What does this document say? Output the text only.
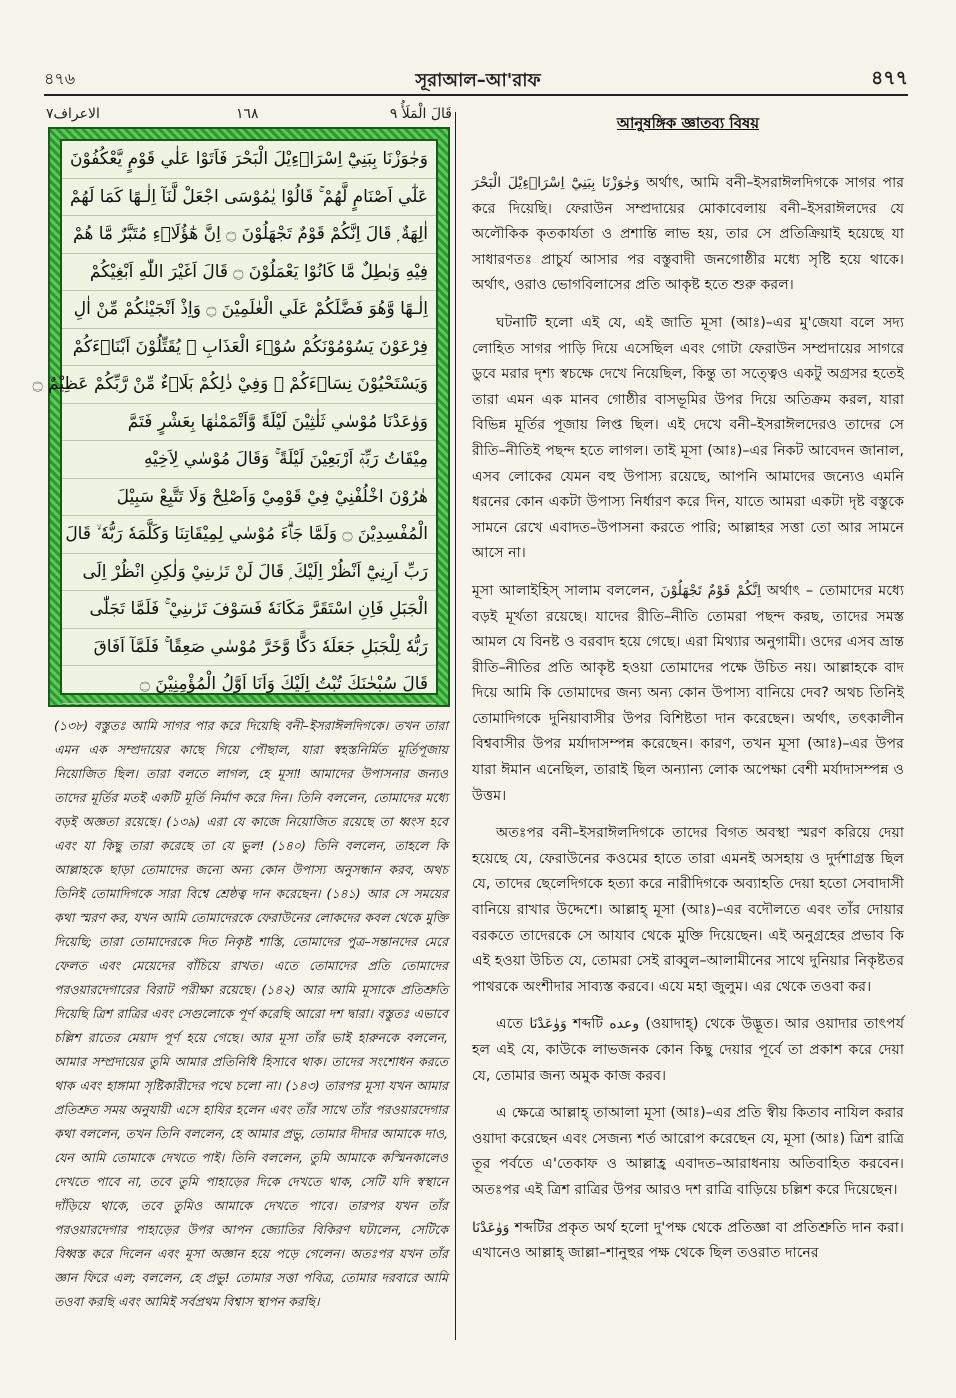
৪৭৬	সূরাআল–আ'রাফ	৪৭৭
الاعراف٧	١٦٨	قَالَ الْمَلَأُ ٩
وَجٰوَزْنَا بِبَنِيْٓ اِسْرَاۗءِيْلَ الْبَحْرَ فَاَتَوْا عَلٰي قَوْمٍ يَّعْكُفُوْنَ
عَلٰٓي اَصْنَامٍ لَّهُمْ ۚ قَالُوْا يٰمُوْسَى اجْعَلْ لَّنَآ اِلٰـهًا كَمَا لَهُمْ
اٰلِهَةٌ ۭ قَالَ اِنَّكُمْ قَوْمٌ تَجْهَلُوْنَ ۝ اِنَّ هٰٓؤُلَاۗءِ مُتَبَّرٌ مَّا هُمْ
فِيْهِ وَبٰطِلٌ مَّا كَانُوْا يَعْمَلُوْنَ ۝ قَالَ اَغَيْرَ اللّٰهِ اَبْغِيْكُمْ
اِلٰـهًا وَّهُوَ فَضَّلَكُمْ عَلَي الْعٰلَمِيْنَ ۝ وَاِذْ اَنْجَيْنٰكُمْ مِّنْ اٰلِ
فِرْعَوْنَ يَسُوْمُوْنَكُمْ سُوْۗءَ الْعَذَابِ ۚ يُقَتِّلُوْنَ اَبْنَاۗءَكُمْ
وَيَسْتَحْيُوْنَ نِسَاۗءَكُمْ ۭ وَفِيْ ذٰلِكُمْ بَلَاۗءٌ مِّنْ رَّبِّكُمْ عَظِيْمٌ ۝
وَوٰعَدْنَا مُوْسٰي ثَلٰثِيْنَ لَيْلَةً وَّاَتْمَمْنٰهَا بِعَشْرٍ فَتَمَّ
مِيْقَاتُ رَبِّهٖٓ اَرْبَعِيْنَ لَيْلَةً ۚ وَقَالَ مُوْسٰي لِاَخِيْهِ
هٰرُوْنَ اخْلُفْنِيْ فِيْ قَوْمِيْ وَاَصْلِحْ وَلَا تَتَّبِعْ سَبِيْلَ
الْمُفْسِدِيْنَ ۝ وَلَمَّا جَاۗءَ مُوْسٰي لِمِيْقَاتِنَا وَكَلَّمَهٗ رَبُّهٗ ۙ قَالَ
رَبِّ اَرِنِيْٓ اَنْظُرْ اِلَيْكَ ۭ قَالَ لَنْ تَرٰىنِيْ وَلٰكِنِ انْظُرْ اِلَى
الْجَبَلِ فَاِنِ اسْتَقَرَّ مَكَانَهٗ فَسَوْفَ تَرٰىنِيْ ۚ فَلَمَّا تَجَلّٰى
رَبُّهٗ لِلْجَبَلِ جَعَلَهٗ دَكًّا وَّخَرَّ مُوْسٰي صَعِقًا ۚ فَلَمَّآ اَفَاقَ
قَالَ سُبْحٰنَكَ تُبْتُ اِلَيْكَ وَاَنَا اَوَّلُ الْمُؤْمِنِيْنَ ۝

(১৩৮) বস্তুতঃ আমি সাগর পার করে দিয়েছি বনী–ইসরাঈলদিগকে। তখন তারা এমন এক সম্প্রদায়ের কাছে গিয়ে পৌছাল, যারা স্বহস্তনির্মিত মূর্তিপূজায় নিয়োজিত ছিল। তারা বলতে লাগল, হে মূসা! আমাদের উপাসনার জন্যও তাদের মূর্তির মতই একটি মূর্তি নির্মাণ করে দিন। তিনি বললেন, তোমাদের মধ্যে বড়ই অজ্ঞতা রয়েছে। (১৩৯) এরা যে কাজে নিয়োজিত রয়েছে তা ধ্বংস হবে এবং যা কিছু তারা করেছে তা যে ভুল! (১৪০) তিনি বললেন, তাহলে কি আল্লাহকে ছাড়া তোমাদের জন্যে অন্য কোন উপাস্য অনুসন্ধান করব, অথচ তিনিই তোমাদিগকে সারা বিশ্বে শ্রেষ্ঠত্ব দান করেছেন। (১৪১) আর সে সময়ের কথা স্মরণ কর, যখন আমি তোমাদেরকে ফেরাউনের লোকদের কবল থেকে মুক্তি দিয়েছি; তারা তোমাদেরকে দিত নিকৃষ্ট শাস্তি, তোমাদের পুত্র–সন্তানদের মেরে ফেলত এবং মেয়েদের বাঁচিয়ে রাখত। এতে তোমাদের প্রতি তোমাদের পরওয়ারদেগারের বিরাট পরীক্ষা রয়েছে। (১৪২) আর আমি মূসাকে প্রতিশ্রুতি দিয়েছি ত্রিশ রাত্রির এবং সেগুলোকে পূর্ণ করেছি আরো দশ দ্বারা। বস্তুতঃ এভাবে চল্লিশ রাতের মেয়াদ পূর্ণ হয়ে গেছে। আর মূসা তাঁর ভাই হারুনকে বললেন, আমার সম্প্রদায়ের তুমি আমার প্রতিনিধি হিসাবে থাক। তাদের সংশোধন করতে থাক এবং হাঙ্গামা সৃষ্টিকারীদের পথে চলো না। (১৪৩) তারপর মূসা যখন আমার প্রতিশ্রুত সময় অনুযায়ী এসে হাযির হলেন এবং তাঁর সাথে তাঁর পরওয়ারদেগার কথা বললেন, তখন তিনি বললেন, হে আমার প্রভু, তোমার দীদার আমাকে দাও, যেন আমি তোমাকে দেখতে পাই। তিনি বললেন, তুমি আমাকে কস্মিনকালেও দেখতে পাবে না, তবে তুমি পাহাড়ের দিকে দেখতে থাক, সেটি যদি স্বস্থানে দাঁড়িয়ে থাকে, তবে তুমিও আমাকে দেখতে পাবে। তারপর যখন তাঁর পরওয়ারদেগার পাহাড়ের উপর আপন জ্যোতির বিকিরণ ঘটালেন, সেটিকে বিধ্বস্ত করে দিলেন এবং মূসা অজ্ঞান হয়ে পড়ে গেলেন। অতঃপর যখন তাঁর জ্ঞান ফিরে এল; বললেন, হে প্রভু! তোমার সত্তা পবিত্র, তোমার দরবারে আমি তওবা করছি এবং আমিই সর্বপ্রথম বিশ্বাস স্থাপন করছি।

আনুষঙ্গিক জ্ঞাতব্য বিষয়

وَجٰوَزْنَا بِبَنِيْٓ اِسْرَاۗءِيْلَ الْبَحْرَ অর্থাৎ, আমি বনী–ইসরাঈলদিগকে সাগর পার করে দিয়েছি। ফেরাউন সম্প্রদায়ের মোকাবেলায় বনী–ইসরাঈলদের যে অলৌকিক কৃতকার্যতা ও প্রশান্তি লাভ হয়, তার সে প্রতিক্রিয়াই হয়েছে যা সাধারণতঃ প্রাচুর্য আসার পর বস্তুবাদী জনগোষ্ঠীর মধ্যে সৃষ্টি হয়ে থাকে। অর্থাৎ, ওরাও ভোগবিলাসের প্রতি আকৃষ্ট হতে শুরু করল।

ঘটনাটি হলো এই যে, এই জাতি মূসা (আঃ)–এর মু'জেযা বলে সদ্য লোহিত সাগর পাড়ি দিয়ে এসেছিল এবং গোটা ফেরাউন সম্প্রদায়ের সাগরে ডুবে মরার দৃশ্য স্বচক্ষে দেখে নিয়েছিল, কিন্তু তা সত্ত্বেও একটু অগ্রসর হতেই তারা এমন এক মানব গোষ্ঠীর বাসভূমির উপর দিয়ে অতিক্রম করল, যারা বিভিন্ন মূর্তির পূজায় লিপ্ত ছিল। এই দেখে বনী–ইসরাঈলদেরও তাদের সে রীতি–নীতিই পছন্দ হতে লাগল। তাই মূসা (আঃ)–এর নিকট আবেদন জানাল, এসব লোকের যেমন বহু উপাস্য রয়েছে, আপনি আমাদের জন্যেও এমনি ধরনের কোন একটা উপাস্য নির্ধারণ করে দিন, যাতে আমরা একটা দৃষ্ট বস্তুকে সামনে রেখে এবাদত–উপাসনা করতে পারি; আল্লাহর সত্তা তো আর সামনে আসে না।

মূসা আলাইহিস্ সালাম বললেন, اِنَّكُمْ قَوْمٌ تَجْهَلُوْنَ অর্থাৎ – তোমাদের মধ্যে বড়ই মূর্খতা রয়েছে। যাদের রীতি–নীতি তোমরা পছন্দ করছ, তাদের সমস্ত আমল যে বিনষ্ট ও বরবাদ হয়ে গেছে। এরা মিথ্যার অনুগামী। ওদের এসব ভ্রান্ত রীতি–নীতির প্রতি আকৃষ্ট হওয়া তোমাদের পক্ষে উচিত নয়। আল্লাহকে বাদ দিয়ে আমি কি তোমাদের জন্য অন্য কোন উপাস্য বানিয়ে দেব? অথচ তিনিই তোমাদিগকে দুনিয়াবাসীর উপর বিশিষ্টতা দান করেছেন। অর্থাৎ, তৎকালীন বিশ্ববাসীর উপর মর্যাদাসম্পন্ন করেছেন। কারণ, তখন মূসা (আঃ)–এর উপর যারা ঈমান এনেছিল, তারাই ছিল অন্যান্য লোক অপেক্ষা বেশী মর্যাদাসম্পন্ন ও উত্তম।

অতঃপর বনী–ইসরাঈলদিগকে তাদের বিগত অবস্থা স্মরণ করিয়ে দেয়া হয়েছে যে, ফেরাউনের কওমের হাতে তারা এমনই অসহায় ও দুর্দশাগ্রস্ত ছিল যে, তাদের ছেলেদিগকে হত্যা করে নারীদিগকে অব্যাহতি দেয়া হতো সেবাদাসী বানিয়ে রাখার উদ্দেশে। আল্লাহ্ মূসা (আঃ)–এর বদৌলতে এবং তাঁর দোয়ার বরকতে তাদেরকে সে আযাব থেকে মুক্তি দিয়েছেন। এই অনুগ্রহের প্রভাব কি এই হওয়া উচিত যে, তোমরা সেই রাব্বুল–আলামীনের সাথে দুনিয়ার নিকৃষ্টতর পাথরকে অংশীদার সাব্যস্ত করবে। এযে মহা জুলুম। এর থেকে তওবা কর।

এতে وَوٰعَدْنَا শব্দটি وعده (ওয়াদাহ্) থেকে উদ্ভূত। আর ওয়াদার তাৎপর্য হল এই যে, কাউকে লাভজনক কোন কিছু দেয়ার পূর্বে তা প্রকাশ করে দেয়া যে, তোমার জন্য অমুক কাজ করব।

এ ক্ষেত্রে আল্লাহ্ তাআলা মূসা (আঃ)–এর প্রতি স্বীয় কিতাব নাযিল করার ওয়াদা করেছেন এবং সেজন্য শর্ত আরোপ করেছেন যে, মূসা (আঃ) ত্রিশ রাত্রি তূর পর্বতে এ'তেকাফ ও আল্লাহ্র এবাদত–আরাধনায় অতিবাহিত করবেন। অতঃপর এই ত্রিশ রাত্রির উপর আরও দশ রাত্রি বাড়িয়ে চল্লিশ করে দিয়েছেন।

وَوٰعَدْنَا শব্দটির প্রকৃত অর্থ হলো দু'পক্ষ থেকে প্রতিজ্ঞা বা প্রতিশ্রুতি দান করা। এখানেও আল্লাহ্ জাল্লা–শানুহুর পক্ষ থেকে ছিল তওরাত দানের
